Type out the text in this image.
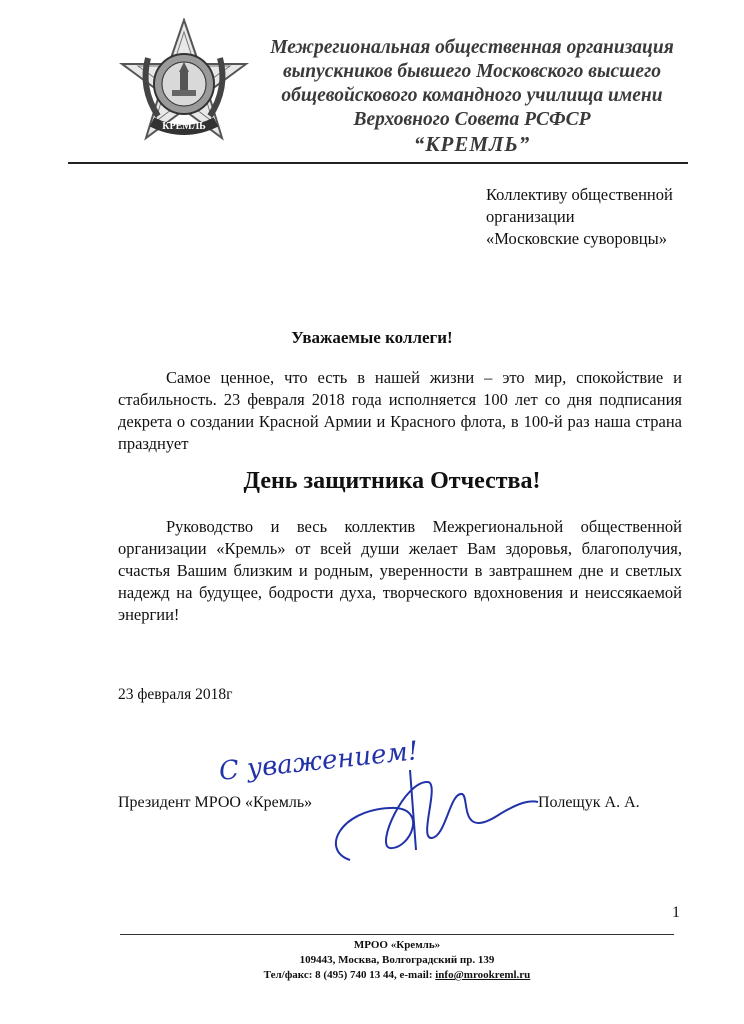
КРЕМЛЬ
Межрегиональная общественная организация
выпускников бывшего Московского высшего
общевойскового командного училища имени
Верховного Совета РСФСР
“КРЕМЛЬ”
Коллективу общественной
организации
«Московские суворовцы»
Уважаемые коллеги!
Самое ценное, что есть в нашей жизни – это мир, спокойствие и стабильность. 23 февраля 2018 года исполняется 100 лет со дня подписания декрета о создании Красной Армии и Красного флота, в 100-й раз наша страна празднует
День защитника Отчества!
Руководство и весь коллектив Межрегиональной общественной организации «Кремль» от всей души желает Вам здоровья, благополучия, счастья Вашим близким и родным, уверенности в завтрашнем дне и светлых надежд на будущее, бодрости духа, творческого вдохновения и неиссякаемой энергии!
23 февраля 2018г
С уважением!
Президент МРОО «Кремль»	Полещук А. А.
1
МРОО «Кремль»
109443, Москва, Волгоградский пр. 139
Тел/факс: 8 (495) 740 13 44, e-mail: info@mrookreml.ru
